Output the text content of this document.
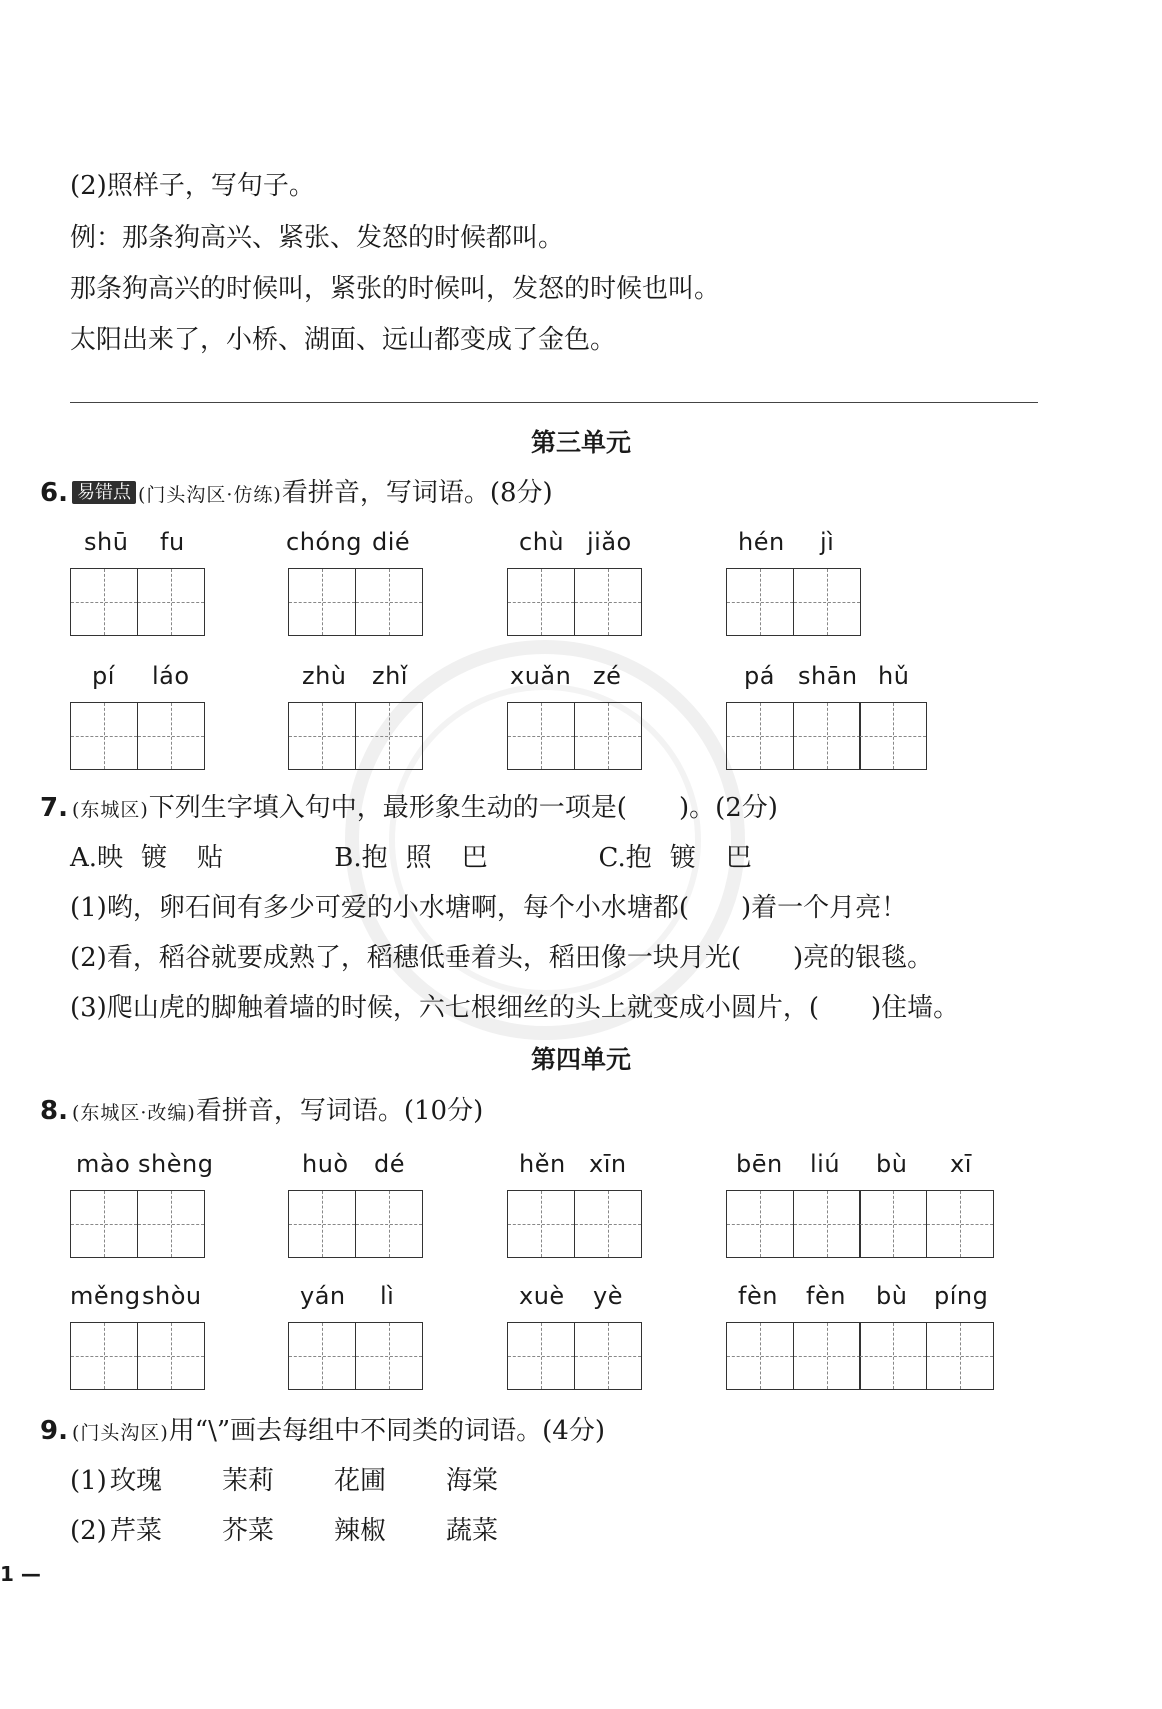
(2)照样子，写句子。
例：那条狗高兴、紧张、发怒的时候都叫。
那条狗高兴的时候叫，紧张的时候叫，发怒的时候也叫。
太阳出来了，小桥、湖面、远山都变成了金色。
第三单元
6. 易错点 (门头沟区·仿练)看拼音，写词语。(8分)
shū fu	chóng dié	chù jiǎo	hén jì
pí láo	zhù zhǐ	xuǎn zé	pá shān hǔ
7. (东城区)下列生字填入句中，最形象生动的一项是(　　)。(2分)
A.映 镀 贴	B.抱 照 巴	C.抱 镀 巴
(1)哟，卵石间有多少可爱的小水塘啊，每个小水塘都(　　)着一个月亮！
(2)看，稻谷就要成熟了，稻穗低垂着头，稻田像一块月光(　　)亮的银毯。
(3)爬山虎的脚触着墙的时候，六七根细丝的头上就变成小圆片，(　　)住墙。
第四单元
8. (东城区·改编)看拼音，写词语。(10分)
mào shèng	huò dé	hěn xīn	bēn liú bù xī
měng shòu	yán lì	xuè yè	fèn fèn bù píng
9. (门头沟区)用“\”画去每组中不同类的词语。(4分)
(1) 玫瑰 茉莉 花圃 海棠
(2) 芹菜 芥菜 辣椒 蔬菜
1 —
